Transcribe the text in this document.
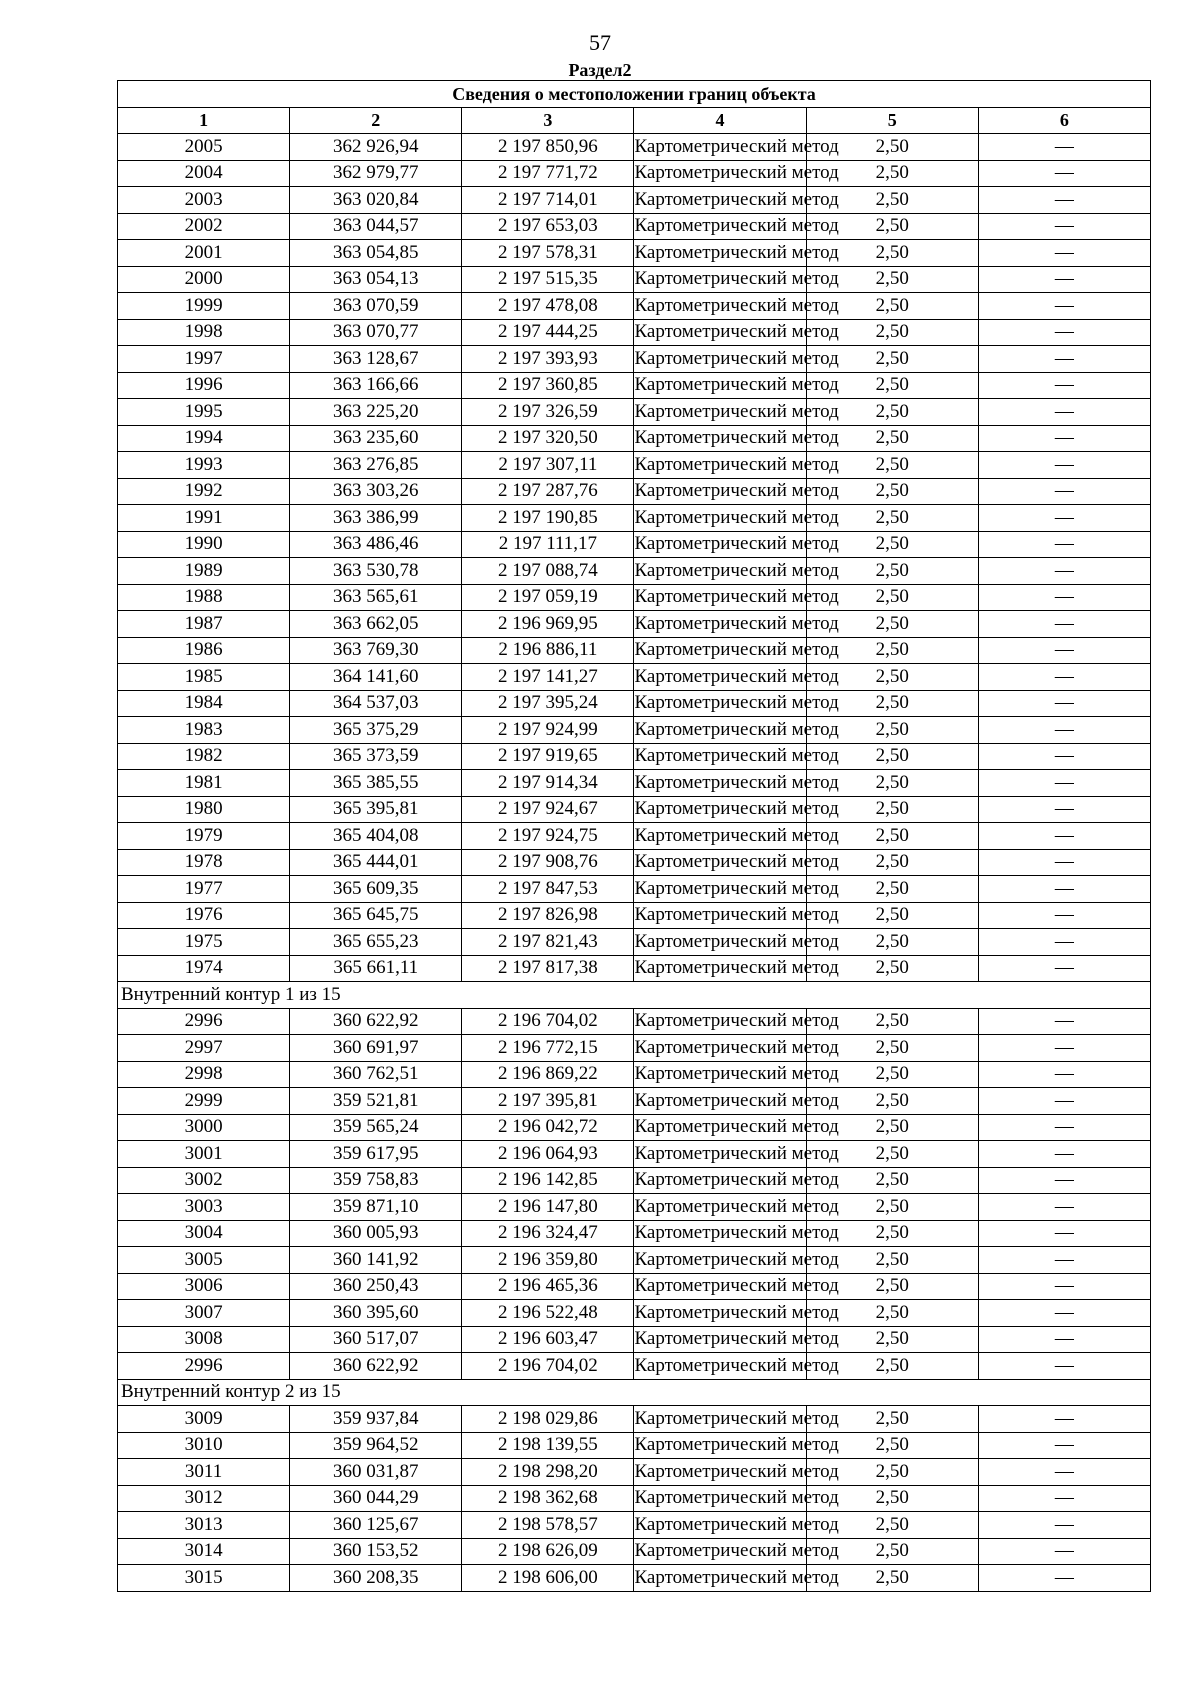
57
Раздел2
Сведения о местоположении границ объекта					
1	2	3	4	5	6
2005	362 926,94	2 197 850,96	Картометрический метод	2,50	—
2004	362 979,77	2 197 771,72	Картометрический метод	2,50	—
2003	363 020,84	2 197 714,01	Картометрический метод	2,50	—
2002	363 044,57	2 197 653,03	Картометрический метод	2,50	—
2001	363 054,85	2 197 578,31	Картометрический метод	2,50	—
2000	363 054,13	2 197 515,35	Картометрический метод	2,50	—
1999	363 070,59	2 197 478,08	Картометрический метод	2,50	—
1998	363 070,77	2 197 444,25	Картометрический метод	2,50	—
1997	363 128,67	2 197 393,93	Картометрический метод	2,50	—
1996	363 166,66	2 197 360,85	Картометрический метод	2,50	—
1995	363 225,20	2 197 326,59	Картометрический метод	2,50	—
1994	363 235,60	2 197 320,50	Картометрический метод	2,50	—
1993	363 276,85	2 197 307,11	Картометрический метод	2,50	—
1992	363 303,26	2 197 287,76	Картометрический метод	2,50	—
1991	363 386,99	2 197 190,85	Картометрический метод	2,50	—
1990	363 486,46	2 197 111,17	Картометрический метод	2,50	—
1989	363 530,78	2 197 088,74	Картометрический метод	2,50	—
1988	363 565,61	2 197 059,19	Картометрический метод	2,50	—
1987	363 662,05	2 196 969,95	Картометрический метод	2,50	—
1986	363 769,30	2 196 886,11	Картометрический метод	2,50	—
1985	364 141,60	2 197 141,27	Картометрический метод	2,50	—
1984	364 537,03	2 197 395,24	Картометрический метод	2,50	—
1983	365 375,29	2 197 924,99	Картометрический метод	2,50	—
1982	365 373,59	2 197 919,65	Картометрический метод	2,50	—
1981	365 385,55	2 197 914,34	Картометрический метод	2,50	—
1980	365 395,81	2 197 924,67	Картометрический метод	2,50	—
1979	365 404,08	2 197 924,75	Картометрический метод	2,50	—
1978	365 444,01	2 197 908,76	Картометрический метод	2,50	—
1977	365 609,35	2 197 847,53	Картометрический метод	2,50	—
1976	365 645,75	2 197 826,98	Картометрический метод	2,50	—
1975	365 655,23	2 197 821,43	Картометрический метод	2,50	—
1974	365 661,11	2 197 817,38	Картометрический метод	2,50	—
Внутренний контур 1 из 15					
2996	360 622,92	2 196 704,02	Картометрический метод	2,50	—
2997	360 691,97	2 196 772,15	Картометрический метод	2,50	—
2998	360 762,51	2 196 869,22	Картометрический метод	2,50	—
2999	359 521,81	2 197 395,81	Картометрический метод	2,50	—
3000	359 565,24	2 196 042,72	Картометрический метод	2,50	—
3001	359 617,95	2 196 064,93	Картометрический метод	2,50	—
3002	359 758,83	2 196 142,85	Картометрический метод	2,50	—
3003	359 871,10	2 196 147,80	Картометрический метод	2,50	—
3004	360 005,93	2 196 324,47	Картометрический метод	2,50	—
3005	360 141,92	2 196 359,80	Картометрический метод	2,50	—
3006	360 250,43	2 196 465,36	Картометрический метод	2,50	—
3007	360 395,60	2 196 522,48	Картометрический метод	2,50	—
3008	360 517,07	2 196 603,47	Картометрический метод	2,50	—
2996	360 622,92	2 196 704,02	Картометрический метод	2,50	—
Внутренний контур 2 из 15					
3009	359 937,84	2 198 029,86	Картометрический метод	2,50	—
3010	359 964,52	2 198 139,55	Картометрический метод	2,50	—
3011	360 031,87	2 198 298,20	Картометрический метод	2,50	—
3012	360 044,29	2 198 362,68	Картометрический метод	2,50	—
3013	360 125,67	2 198 578,57	Картометрический метод	2,50	—
3014	360 153,52	2 198 626,09	Картометрический метод	2,50	—
3015	360 208,35	2 198 606,00	Картометрический метод	2,50	—
